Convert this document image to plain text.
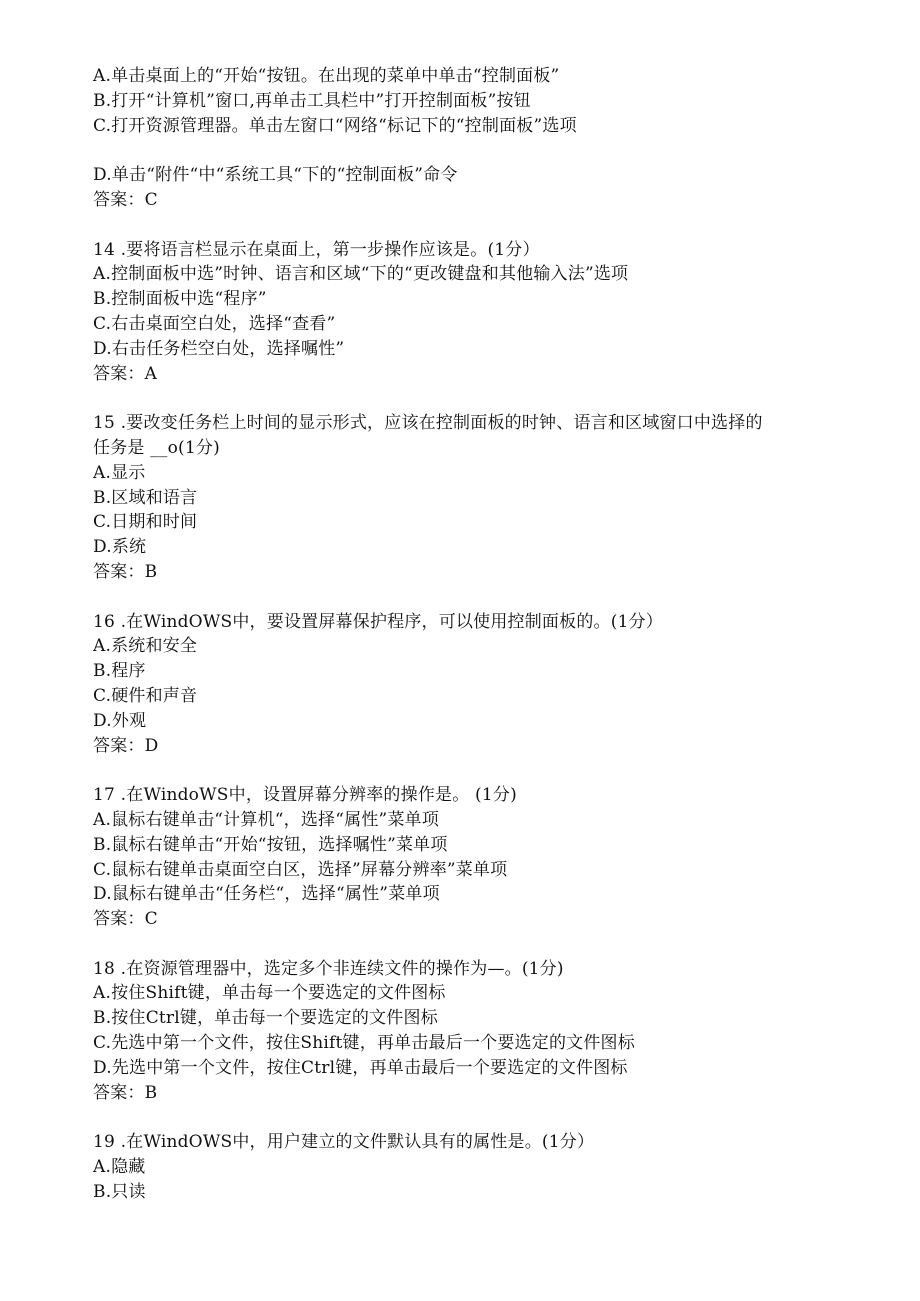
A.单击桌面上的“开始“按钮。在出现的菜单中单击“控制面板”
B.打开“计算机”窗口,再单击工具栏中”打开控制面板”按钮
C.打开资源管理器。单击左窗口“网络“标记下的“控制面板”选项
D.单击“附件“中“系统工具“下的“控制面板”命令
答案：C
14 .要将语言栏显示在桌面上，第一步操作应该是。(1分）
A.控制面板中选”时钟、语言和区域“下的“更改键盘和其他输入法”选项
B.控制面板中选“程序”
C.右击桌面空白处，选择“查看”
D.右击任务栏空白处，选择嘱性”
答案：A
15 .要改变任务栏上时间的显示形式，应该在控制面板的时钟、语言和区域窗口中选择的
任务是 __o(1分)
A.显示
B.区域和语言
C.日期和时间
D.系统
答案：B
16 .在WindOWS中，要设置屏幕保护程序，可以使用控制面板的。(1分）
A.系统和安全
B.程序
C.硬件和声音
D.外观
答案：D
17 .在WindoWS中，设置屏幕分辨率的操作是。 (1分)
A.鼠标右键单击“计算机“，选择“属性”菜单项
B.鼠标右键单击“开始“按钮，选择嘱性”菜单项
C.鼠标右键单击桌面空白区，选择”屏幕分辨率”菜单项
D.鼠标右键单击“任务栏“，选择“属性”菜单项
答案：C
18 .在资源管理器中，选定多个非连续文件的操作为—。(1分)
A.按住Shift键，单击每一个要选定的文件图标
B.按住Ctrl键，单击每一个要选定的文件图标
C.先选中第一个文件，按住Shift键，再单击最后一个要选定的文件图标
D.先选中第一个文件，按住Ctrl键，再单击最后一个要选定的文件图标
答案：B
19 .在WindOWS中，用户建立的文件默认具有的属性是。(1分）
A.隐藏
B.只读
